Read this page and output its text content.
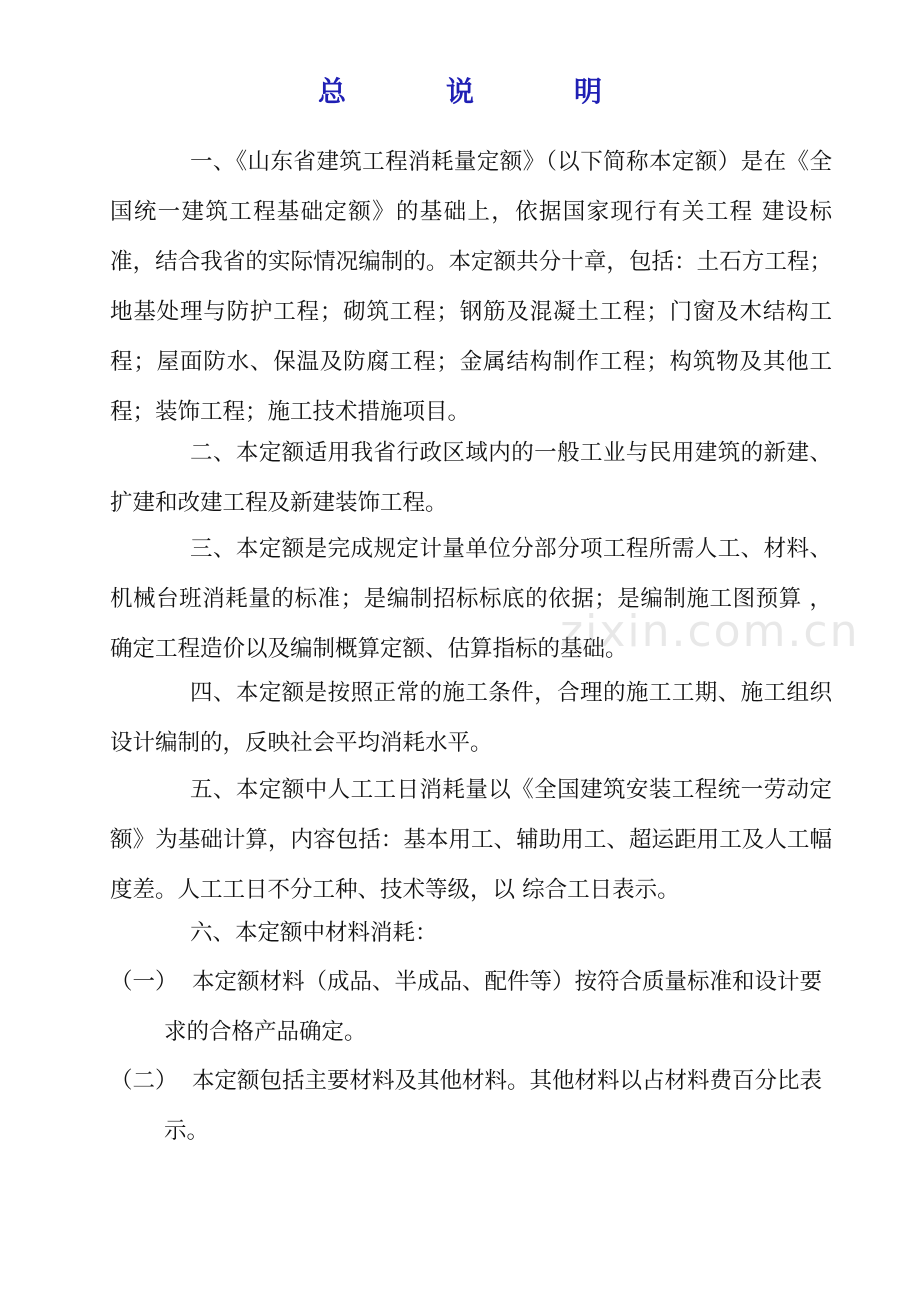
总　说　明
一、《山东省建筑工程消耗量定额》（以下简称本定额）是在《全国统一建筑工程基础定额》的基础上，依据国家现行有关工程 建设标准，结合我省的实际情况编制的。本定额共分十章，包括：土石方工程；地基处理与防护工程；砌筑工程；钢筋及混凝土工程；门窗及木结构工程；屋面防水、保温及防腐工程；金属结构制作工程；构筑物及其他工程；装饰工程；施工技术措施项目。
二、本定额适用我省行政区域内的一般工业与民用建筑的新建、扩建和改建工程及新建装饰工程。
三、本定额是完成规定计量单位分部分项工程所需人工、材料、机械台班消耗量的标准；是编制招标标底的依据；是编制施工图预算 ，确定工程造价以及编制概算定额、估算指标的基础。
四、本定额是按照正常的施工条件，合理的施工工期、施工组织设计编制的，反映社会平均消耗水平。
五、本定额中人工工日消耗量以《全国建筑安装工程统一劳动定额》为基础计算，内容包括：基本用工、辅助用工、超运距用工及人工幅度差。人工工日不分工种、技术等级，以 综合工日表示。
六、本定额中材料消耗：
（一） 本定额材料（成品、半成品、配件等）按符合质量标准和设计要
求的合格产品确定。
（二） 本定额包括主要材料及其他材料。其他材料以占材料费百分比表
示。
zixin.com.cn
